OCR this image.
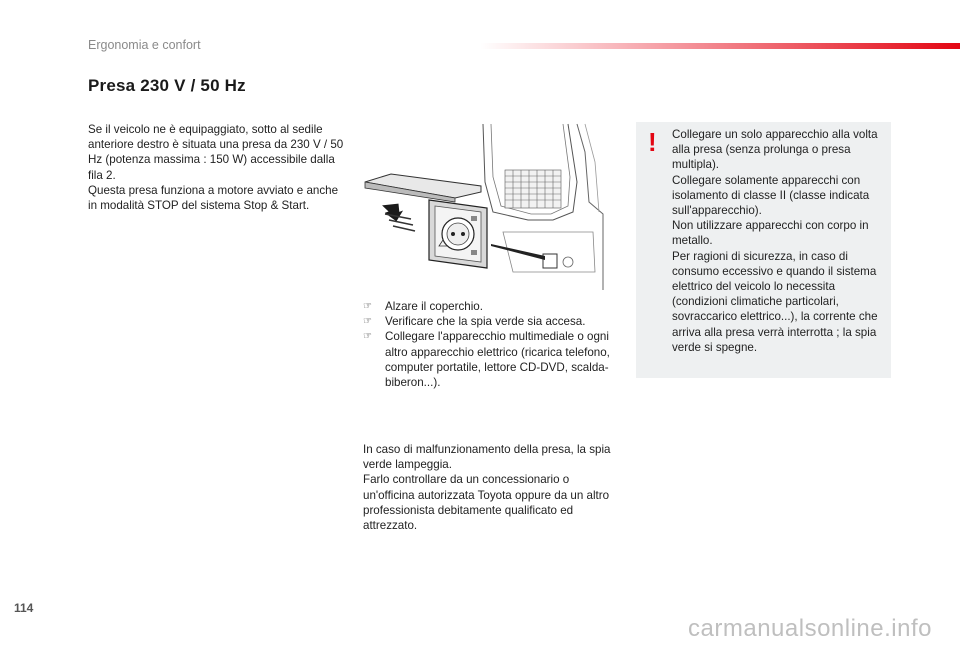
Ergonomia e confort
Presa 230 V / 50 Hz

Se il veicolo ne è equipaggiato, sotto al sedile anteriore destro è situata una presa da 230 V / 50 Hz (potenza massima : 150 W) accessibile dalla fila 2.

Questa presa funziona a motore avviato e anche in modalità STOP del sistema Stop & Start.

☞ Alzare il coperchio.
☞ Verificare che la spia verde sia accesa.
☞ Collegare l'apparecchio multimediale o ogni altro apparecchio elettrico (ricarica telefono, computer portatile, lettore CD-DVD, scalda-biberon...).

In caso di malfunzionamento della presa, la spia verde lampeggia.

Farlo controllare da un concessionario o un'officina autorizzata Toyota oppure da un altro professionista debitamente qualificato ed attrezzato.

! Collegare un solo apparecchio alla volta alla presa (senza prolunga o presa multipla).

Collegare solamente apparecchi con isolamento di classe II (classe indicata sull'apparecchio).

Non utilizzare apparecchi con corpo in metallo.

Per ragioni di sicurezza, in caso di consumo eccessivo e quando il sistema elettrico del veicolo lo necessita (condizioni climatiche particolari, sovraccarico elettrico...), la corrente che arriva alla presa verrà interrotta ; la spia verde si spegne.

114
carmanualsonline.info
